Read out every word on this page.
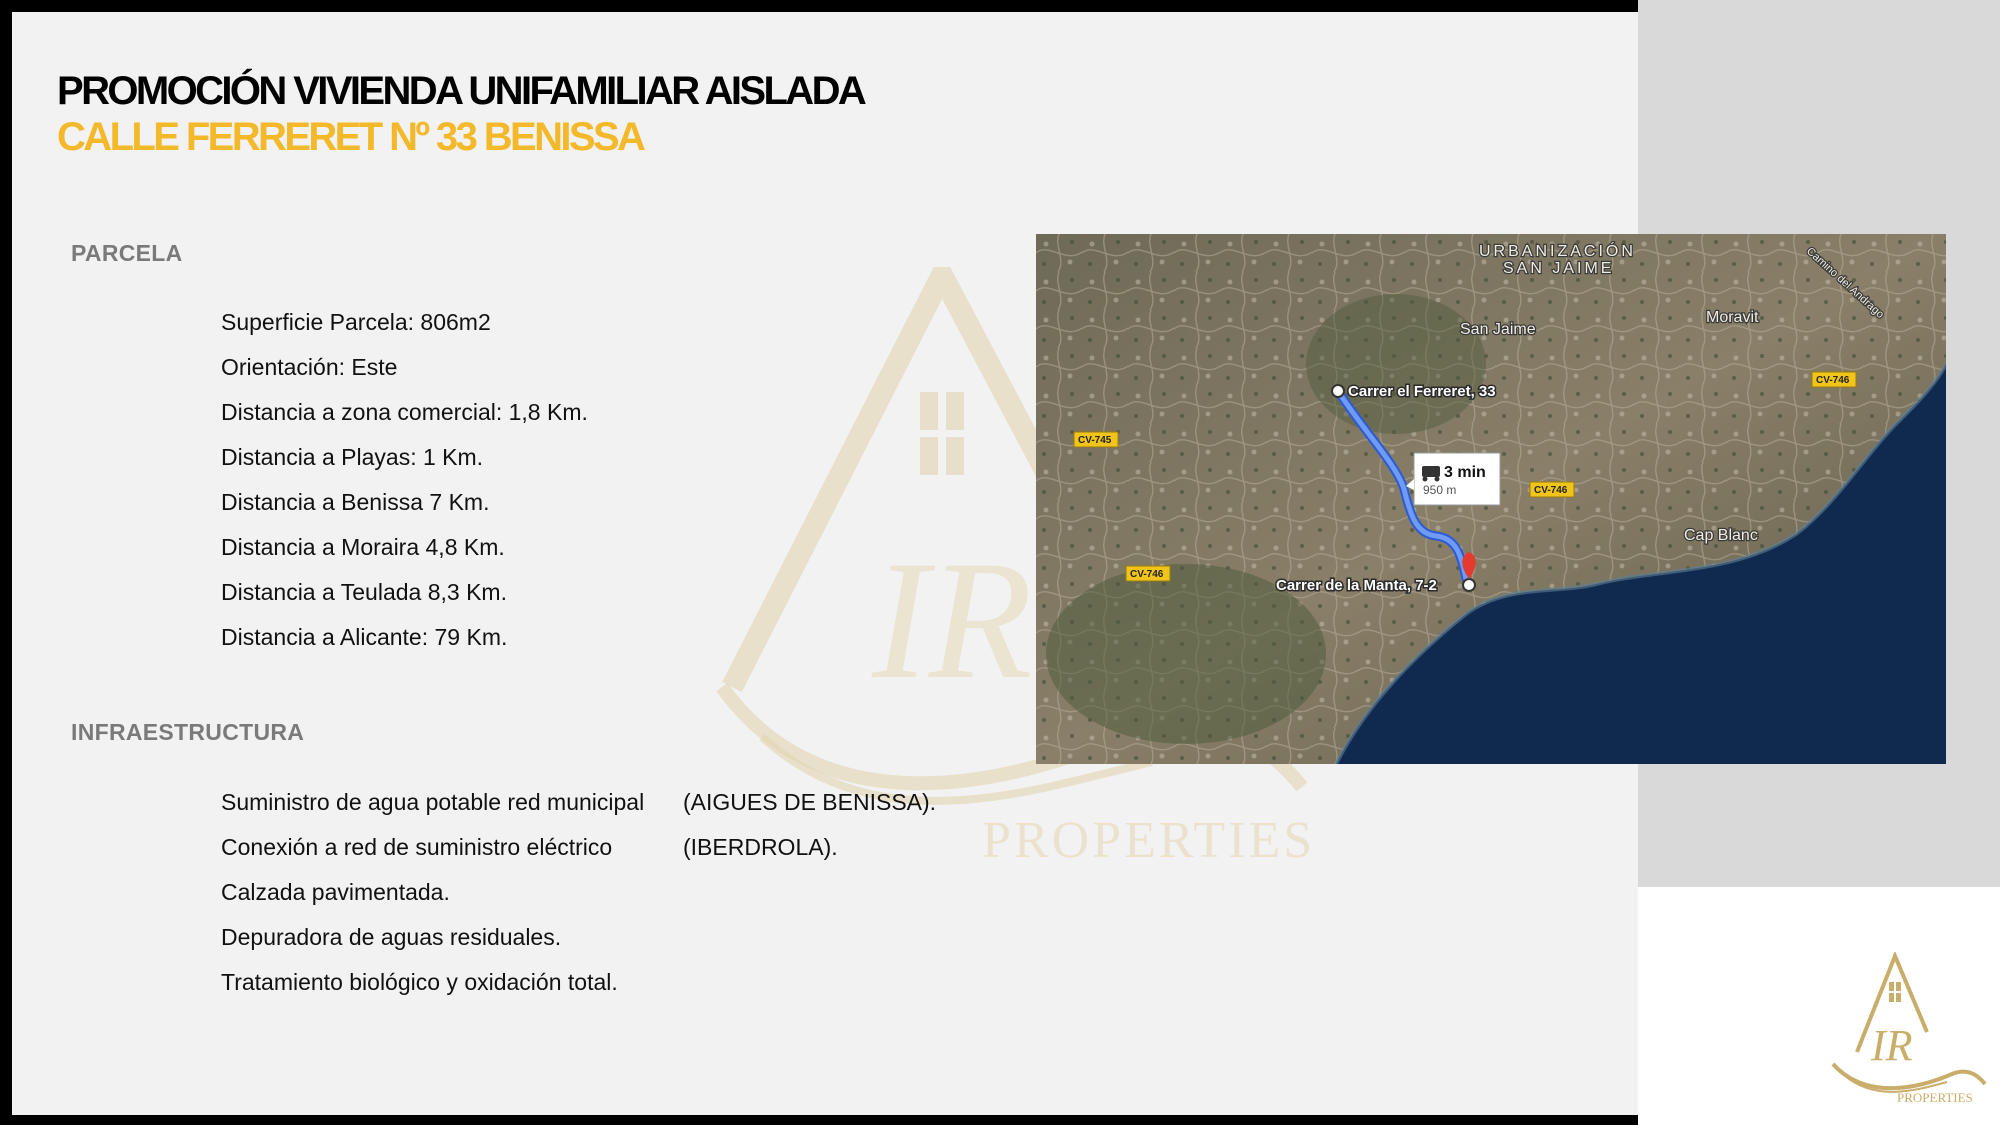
PROMOCIÓN VIVIENDA UNIFAMILIAR AISLADA
CALLE FERRERET Nº 33 BENISSA
IR
PROPERTIES
PARCELA
Superficie Parcela: 806m2
Orientación: Este
Distancia a zona comercial: 1,8 Km.
Distancia a Playas: 1 Km.
Distancia a Benissa 7 Km.
Distancia a Moraira 4,8 Km.
Distancia a Teulada 8,3 Km.
Distancia a Alicante: 79 Km.
INFRAESTRUCTURA
Suministro de agua potable red municipal (AIGUES DE BENISSA).
Conexión a red de suministro eléctrico	(IBERDROLA).
Calzada pavimentada.
Depuradora de aguas residuales.
Tratamiento biológico y oxidación total.
3 min
950 m
Carrer el Ferreret, 33
Carrer de la Manta, 7-2
URBANIZACIÓN
SAN JAIME
San Jaime
Moravit
Cap Blanc
Camino del Andrago
CV-745
CV-746
CV-746
CV-746
IR
PROPERTIES
